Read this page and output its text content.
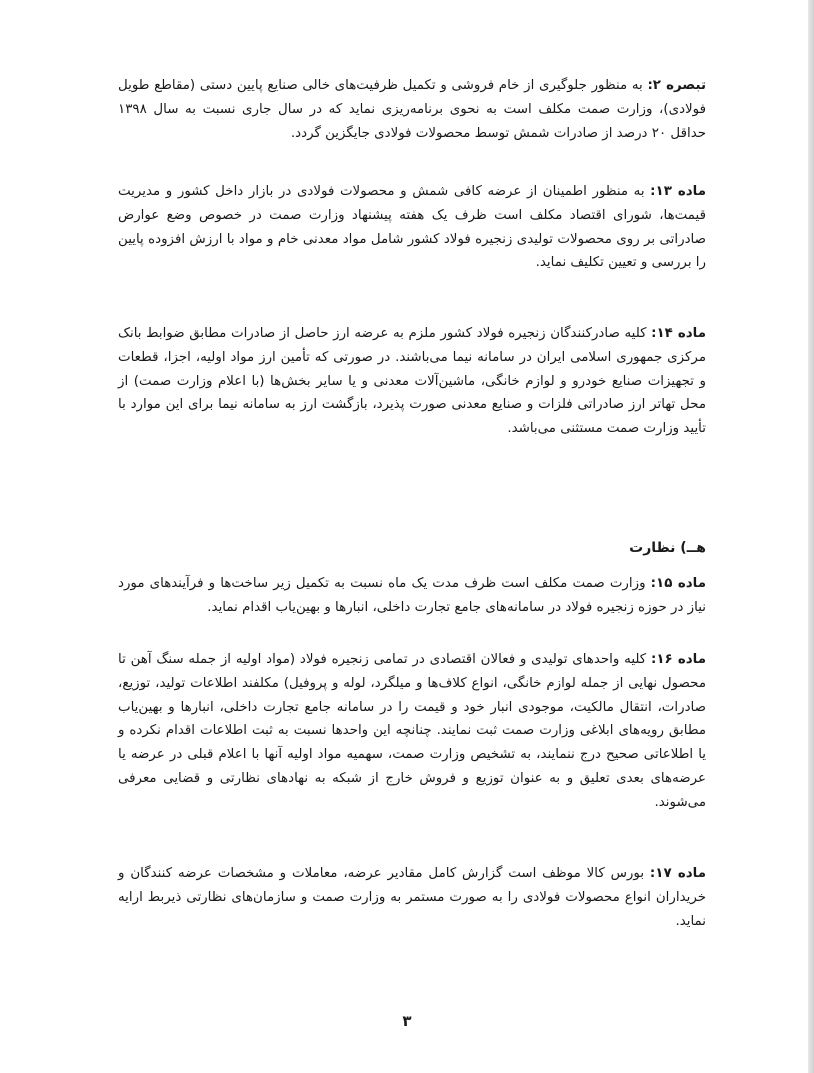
تبصره ۲: به منظور جلوگیری از خام فروشی و تکمیل ظرفیت‌های خالی صنایع پایین دستی (مقاطع طویل فولادی)، وزارت صمت مکلف است به نحوی برنامه‌ریزی نماید که در سال جاری نسبت به سال ۱۳۹۸ حداقل ۲۰ درصد از صادرات شمش توسط محصولات فولادی جایگزین گردد.

ماده ۱۳: به منظور اطمینان از عرضه کافی شمش و محصولات فولادی در بازار داخل کشور و مدیریت قیمت‌ها، شورای اقتصاد مکلف است ظرف یک هفته پیشنهاد وزارت صمت در خصوص وضع عوارض صادراتی بر روی محصولات تولیدی زنجیره فولاد کشور شامل مواد معدنی خام و مواد با ارزش افزوده پایین را بررسی و تعیین تکلیف نماید.

ماده ۱۴: کلیه صادرکنندگان زنجیره فولاد کشور ملزم به عرضه ارز حاصل از صادرات مطابق ضوابط بانک مرکزی جمهوری اسلامی ایران در سامانه نیما می‌باشند. در صورتی که تأمین ارز مواد اولیه، اجزا، قطعات و تجهیزات صنایع خودرو و لوازم خانگی، ماشین‌آلات معدنی و یا سایر بخش‌ها (با اعلام وزارت صمت) از محل تهاتر ارز صادراتی فلزات و صنایع معدنی صورت پذیرد، بازگشت ارز به سامانه نیما برای این موارد با تأیید وزارت صمت مستثنی می‌باشد.

هــ) نظارت

ماده ۱۵: وزارت صمت مکلف است ظرف مدت یک ماه نسبت به تکمیل زیر ساخت‌ها و فرآیندهای مورد نیاز در حوزه زنجیره فولاد در سامانه‌های جامع تجارت داخلی، انبارها و بهین‌یاب اقدام نماید.

ماده ۱۶: کلیه واحدهای تولیدی و فعالان اقتصادی در تمامی زنجیره فولاد (مواد اولیه از جمله سنگ آهن تا محصول نهایی از جمله لوازم خانگی، انواع کلاف‌ها و میلگرد، لوله و پروفیل) مکلفند اطلاعات تولید، توزیع، صادرات، انتقال مالکیت، موجودی انبار خود و قیمت را در سامانه جامع تجارت داخلی، انبارها و بهین‌یاب مطابق رویه‌های ابلاغی وزارت صمت ثبت نمایند. چنانچه این واحدها نسبت به ثبت اطلاعات اقدام نکرده و یا اطلاعاتی صحیح درج ننمایند، به تشخیص وزارت صمت، سهمیه مواد اولیه آنها با اعلام قبلی در عرضه یا عرضه‌های بعدی تعلیق و به عنوان توزیع و فروش خارج از شبکه به نهادهای نظارتی و قضایی معرفی می‌شوند.

ماده ۱۷: بورس کالا موظف است گزارش کامل مقادیر عرضه، معاملات و مشخصات عرضه کنندگان و خریداران انواع محصولات فولادی را به صورت مستمر به وزارت صمت و سازمان‌های نظارتی ذیربط ارایه نماید.

۳
